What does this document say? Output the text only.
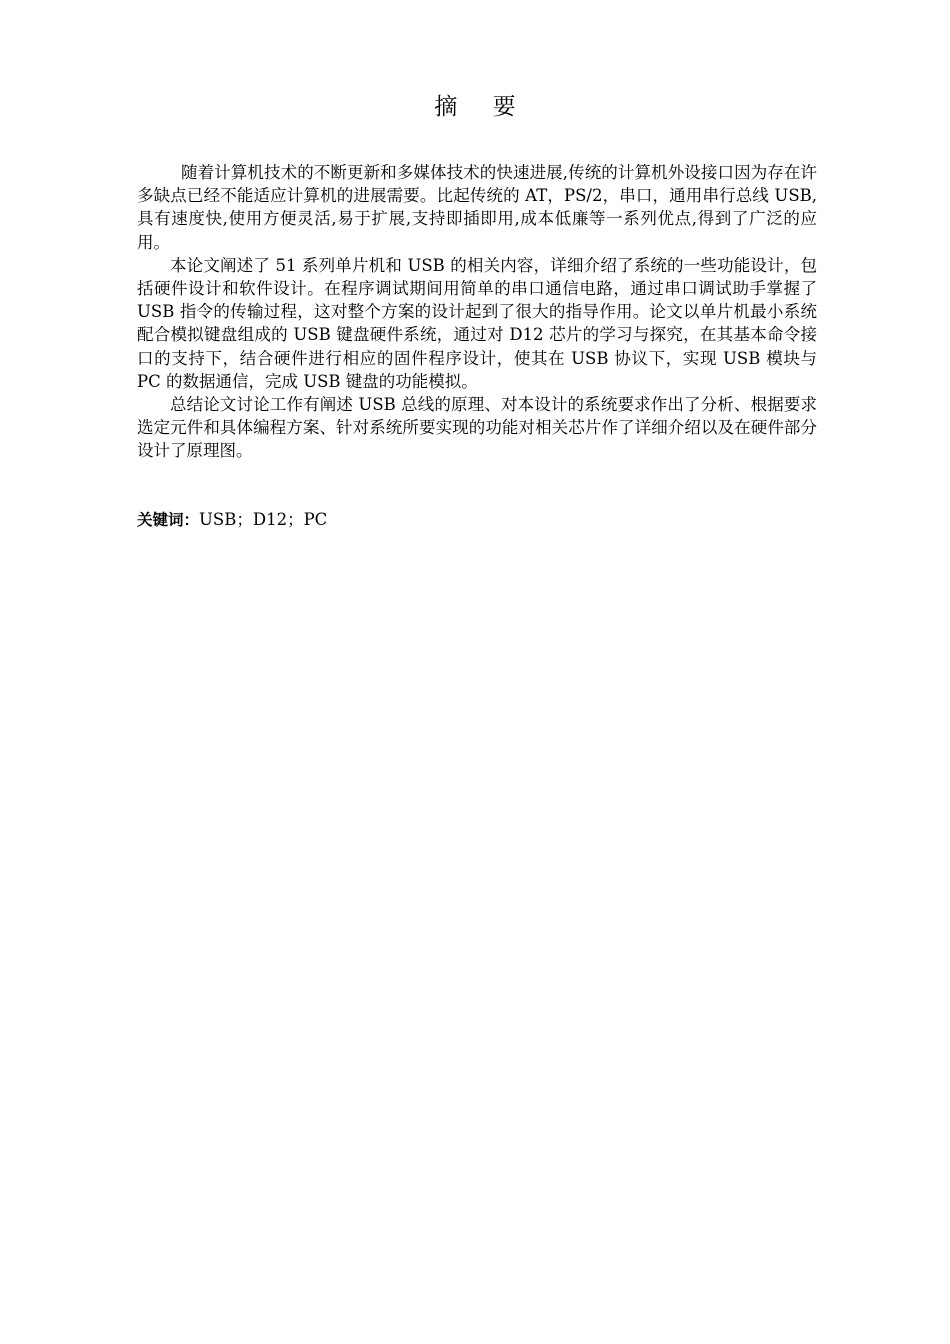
摘 要

随着计算机技术的不断更新和多媒体技术的快速进展,传统的计算机外设接口因为存在许多缺点已经不能适应计算机的进展需要。比起传统的 AT，PS/2，串口，通用串行总线 USB,具有速度快,使用方便灵活,易于扩展,支持即插即用,成本低廉等一系列优点,得到了广泛的应用。

本论文阐述了 51 系列单片机和 USB 的相关内容，详细介绍了系统的一些功能设计，包括硬件设计和软件设计。在程序调试期间用简单的串口通信电路，通过串口调试助手掌握了 USB 指令的传输过程，这对整个方案的设计起到了很大的指导作用。论文以单片机最小系统配合模拟键盘组成的 USB 键盘硬件系统，通过对 D12 芯片的学习与探究，在其基本命令接口的支持下，结合硬件进行相应的固件程序设计，使其在 USB 协议下，实现 USB 模块与 PC 的数据通信，完成 USB 键盘的功能模拟。

总结论文讨论工作有阐述 USB 总线的原理、对本设计的系统要求作出了分析、根据要求选定元件和具体编程方案、针对系统所要实现的功能对相关芯片作了详细介绍以及在硬件部分设计了原理图。

关键词：USB；D12；PC
